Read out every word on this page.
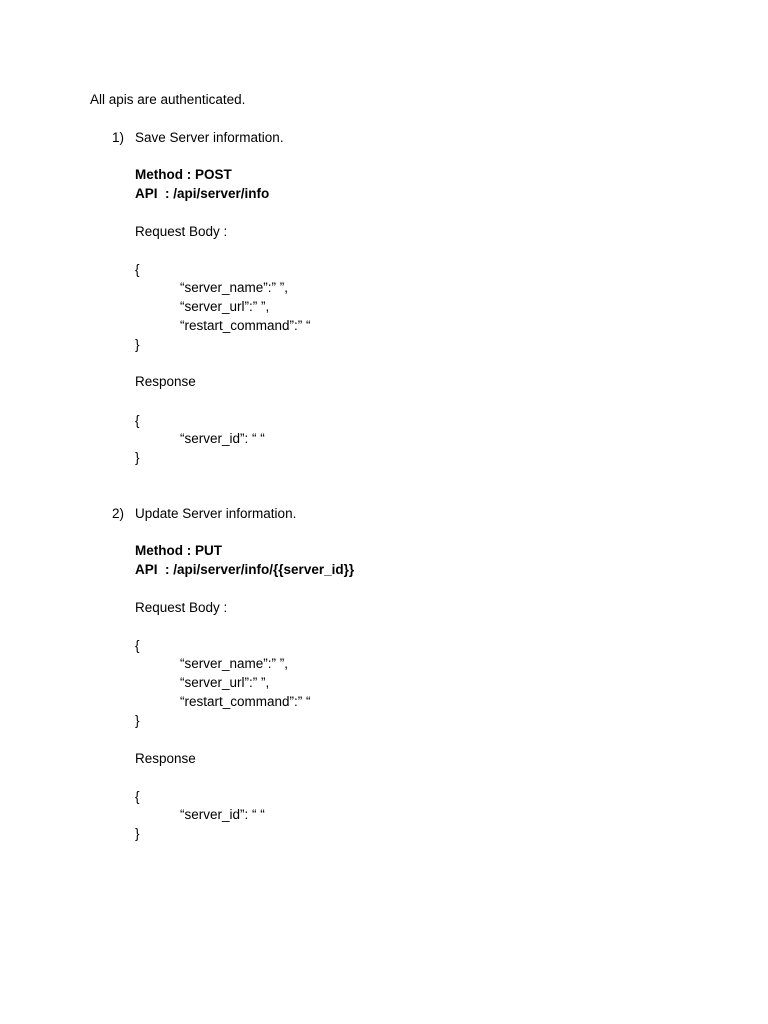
All apis are authenticated.
1) Save Server information.
Method : POST
API  : /api/server/info
Request Body :
{
“server_name”:” ”,
“server_url”:” ”,
“restart_command”:” “
}
Response
{
“server_id”: “ “
}
2) Update Server information.
Method : PUT
API  : /api/server/info/{{server_id}}
Request Body :
{
“server_name”:” ”,
“server_url”:” ”,
“restart_command”:” “
}
Response
{
“server_id”: “ “
}
